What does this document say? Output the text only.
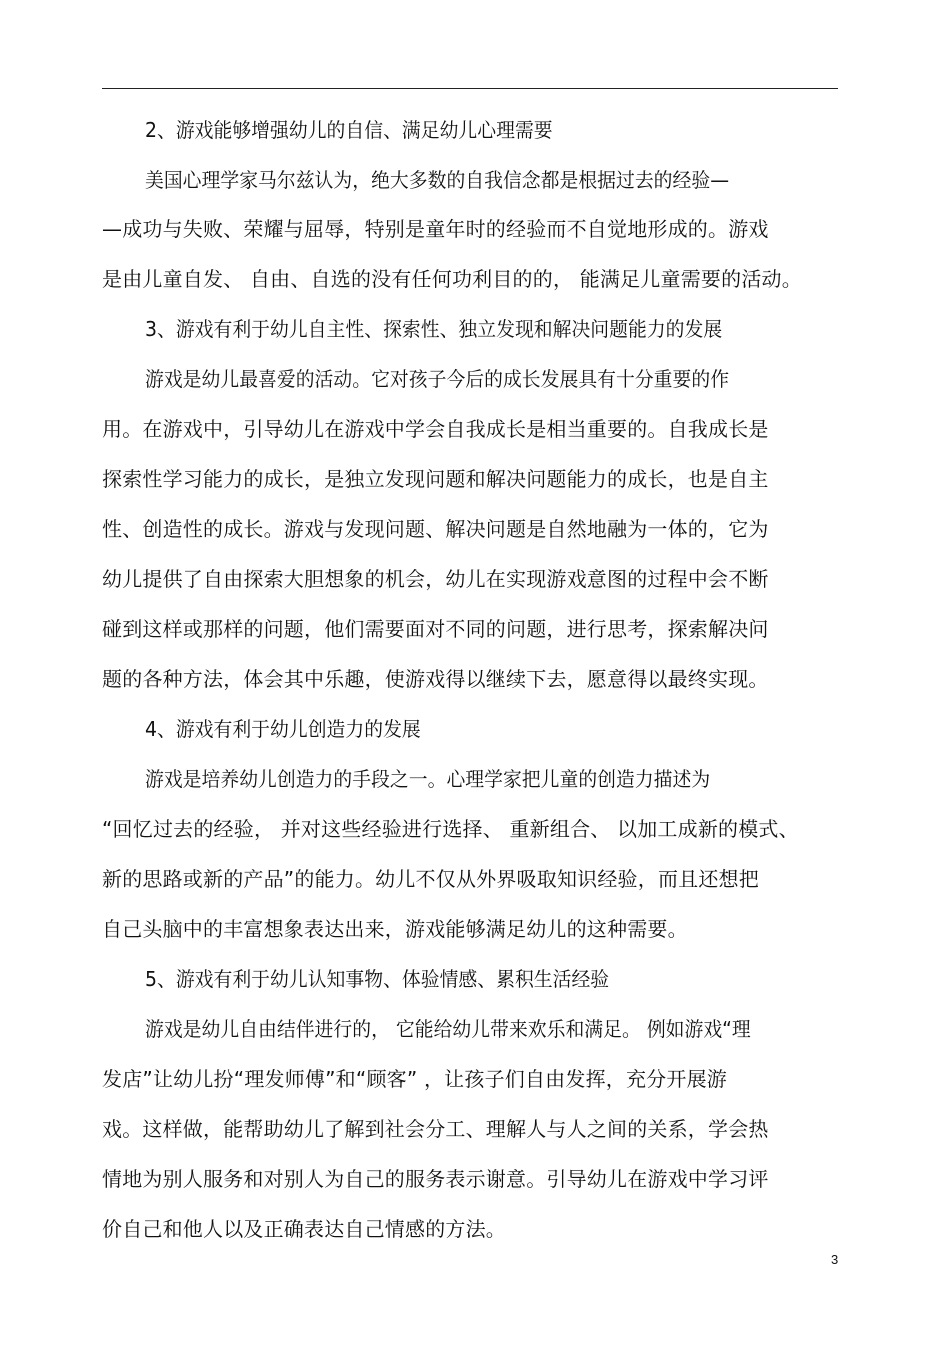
2、游戏能够增强幼儿的自信、满足幼儿心理需要
美国心理学家马尔兹认为，绝大多数的自我信念都是根据过去的经验—
—成功与失败、荣耀与屈辱，特别是童年时的经验而不自觉地形成的。游戏
是由儿童自发、 自由、自选的没有任何功利目的的， 能满足儿童需要的活动。
3、游戏有利于幼儿自主性、探索性、独立发现和解决问题能力的发展
游戏是幼儿最喜爱的活动。它对孩子今后的成长发展具有十分重要的作
用。在游戏中，引导幼儿在游戏中学会自我成长是相当重要的。自我成长是
探索性学习能力的成长，是独立发现问题和解决问题能力的成长，也是自主
性、创造性的成长。游戏与发现问题、解决问题是自然地融为一体的，它为
幼儿提供了自由探索大胆想象的机会，幼儿在实现游戏意图的过程中会不断
碰到这样或那样的问题，他们需要面对不同的问题，进行思考，探索解决问
题的各种方法，体会其中乐趣，使游戏得以继续下去，愿意得以最终实现。
4、游戏有利于幼儿创造力的发展
游戏是培养幼儿创造力的手段之一。心理学家把儿童的创造力描述为
“回忆过去的经验， 并对这些经验进行选择、 重新组合、 以加工成新的模式、
新的思路或新的产品”的能力。幼儿不仅从外界吸取知识经验，而且还想把
自己头脑中的丰富想象表达出来，游戏能够满足幼儿的这种需要。
5、游戏有利于幼儿认知事物、体验情感、累积生活经验
游戏是幼儿自由结伴进行的， 它能给幼儿带来欢乐和满足。 例如游戏“理
发店”让幼儿扮“理发师傅”和“顾客” ，让孩子们自由发挥，充分开展游
戏。这样做，能帮助幼儿了解到社会分工、理解人与人之间的关系，学会热
情地为别人服务和对别人为自己的服务表示谢意。引导幼儿在游戏中学习评
价自己和他人以及正确表达自己情感的方法。
3
